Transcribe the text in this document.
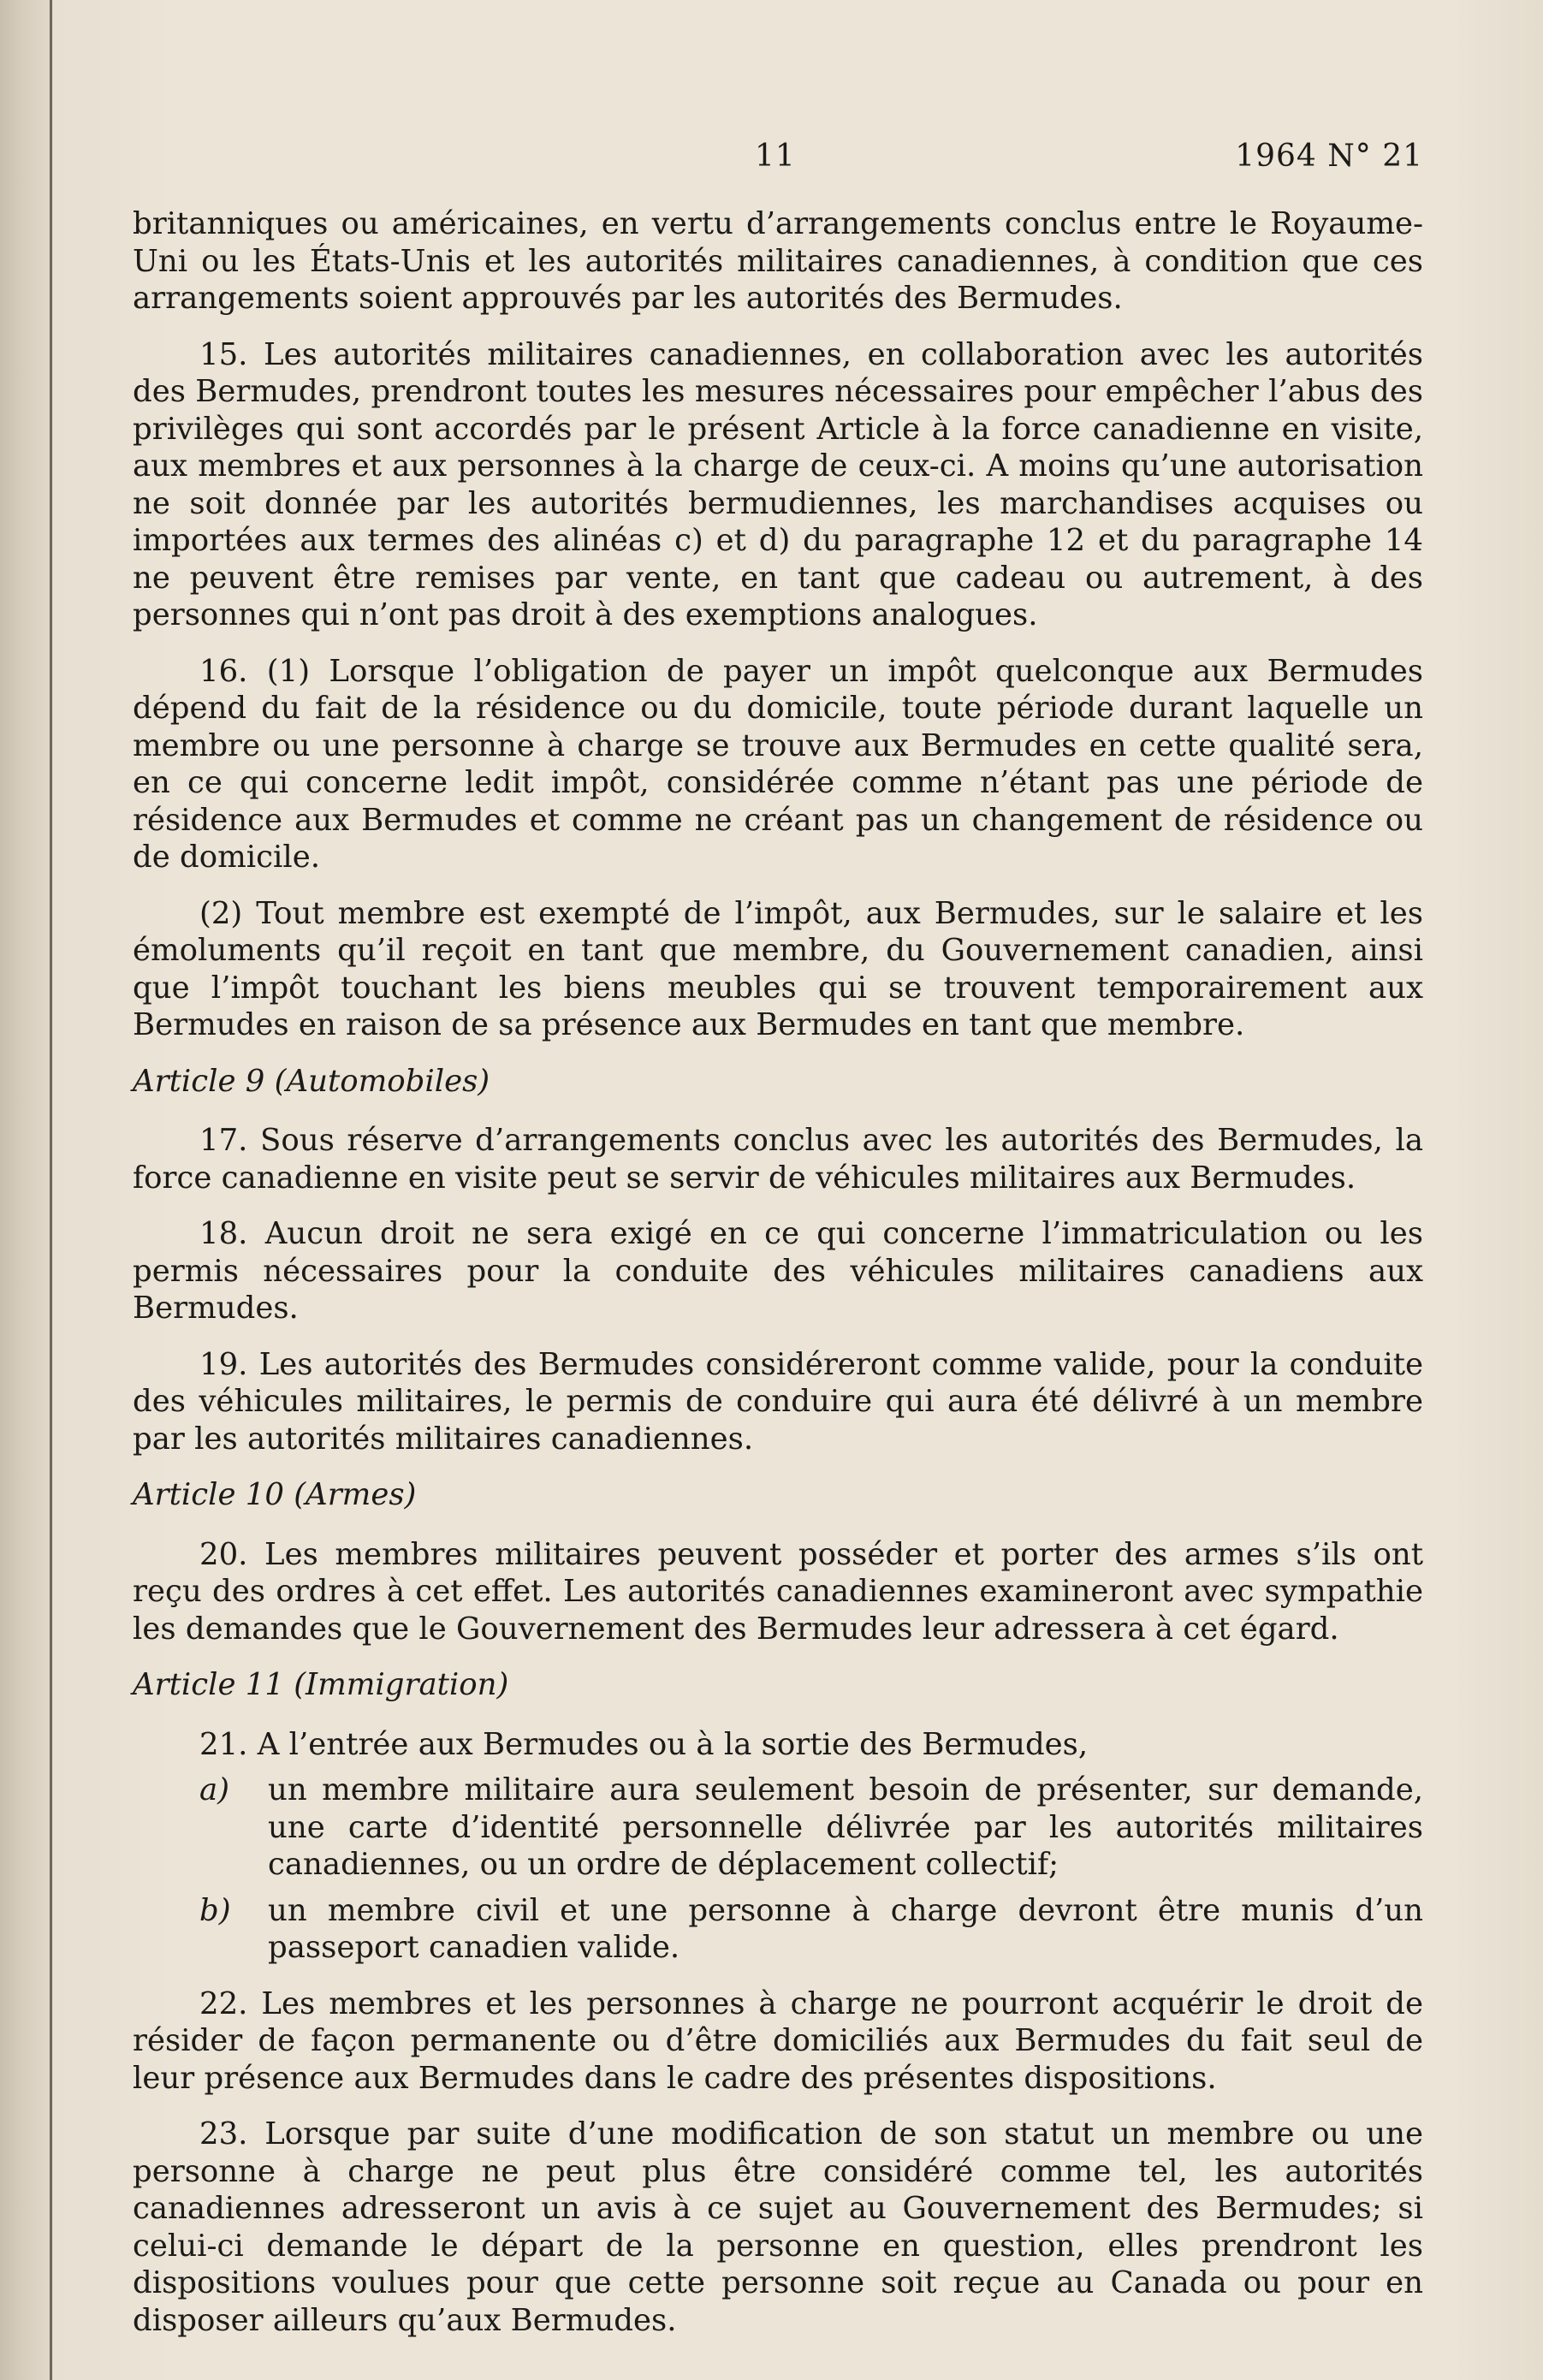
11	1964 N° 21

britanniques ou américaines, en vertu d’arrangements conclus entre le Royaume-Uni ou les États-Unis et les autorités militaires canadiennes, à condition que ces arrangements soient approuvés par les autorités des Bermudes.

15. Les autorités militaires canadiennes, en collaboration avec les autorités des Bermudes, prendront toutes les mesures nécessaires pour empêcher l’abus des privilèges qui sont accordés par le présent Article à la force canadienne en visite, aux membres et aux personnes à la charge de ceux-ci. A moins qu’une autorisation ne soit donnée par les autorités bermudiennes, les marchandises acquises ou importées aux termes des alinéas c) et d) du paragraphe 12 et du paragraphe 14 ne peuvent être remises par vente, en tant que cadeau ou autrement, à des personnes qui n’ont pas droit à des exemptions analogues.

16. (1) Lorsque l’obligation de payer un impôt quelconque aux Bermudes dépend du fait de la résidence ou du domicile, toute période durant laquelle un membre ou une personne à charge se trouve aux Bermudes en cette qualité sera, en ce qui concerne ledit impôt, considérée comme n’étant pas une période de résidence aux Bermudes et comme ne créant pas un changement de résidence ou de domicile.

(2) Tout membre est exempté de l’impôt, aux Bermudes, sur le salaire et les émoluments qu’il reçoit en tant que membre, du Gouvernement canadien, ainsi que l’impôt touchant les biens meubles qui se trouvent temporairement aux Bermudes en raison de sa présence aux Bermudes en tant que membre.

Article 9 (Automobiles)

17. Sous réserve d’arrangements conclus avec les autorités des Bermudes, la force canadienne en visite peut se servir de véhicules militaires aux Bermudes.

18. Aucun droit ne sera exigé en ce qui concerne l’immatriculation ou les permis nécessaires pour la conduite des véhicules militaires canadiens aux Bermudes.

19. Les autorités des Bermudes considéreront comme valide, pour la conduite des véhicules militaires, le permis de conduire qui aura été délivré à un membre par les autorités militaires canadiennes.

Article 10 (Armes)

20. Les membres militaires peuvent posséder et porter des armes s’ils ont reçu des ordres à cet effet. Les autorités canadiennes examineront avec sympathie les demandes que le Gouvernement des Bermudes leur adressera à cet égard.

Article 11 (Immigration)

21. A l’entrée aux Bermudes ou à la sortie des Bermudes,

a)	un membre militaire aura seulement besoin de présenter, sur demande, une carte d’identité personnelle délivrée par les autorités militaires canadiennes, ou un ordre de déplacement collectif;
b)	un membre civil et une personne à charge devront être munis d’un passeport canadien valide.

22. Les membres et les personnes à charge ne pourront acquérir le droit de résider de façon permanente ou d’être domiciliés aux Bermudes du fait seul de leur présence aux Bermudes dans le cadre des présentes dispositions.

23. Lorsque par suite d’une modification de son statut un membre ou une personne à charge ne peut plus être considéré comme tel, les autorités canadiennes adresseront un avis à ce sujet au Gouvernement des Bermudes; si celui-ci demande le départ de la personne en question, elles prendront les dispositions voulues pour que cette personne soit reçue au Canada ou pour en disposer ailleurs qu’aux Bermudes.
